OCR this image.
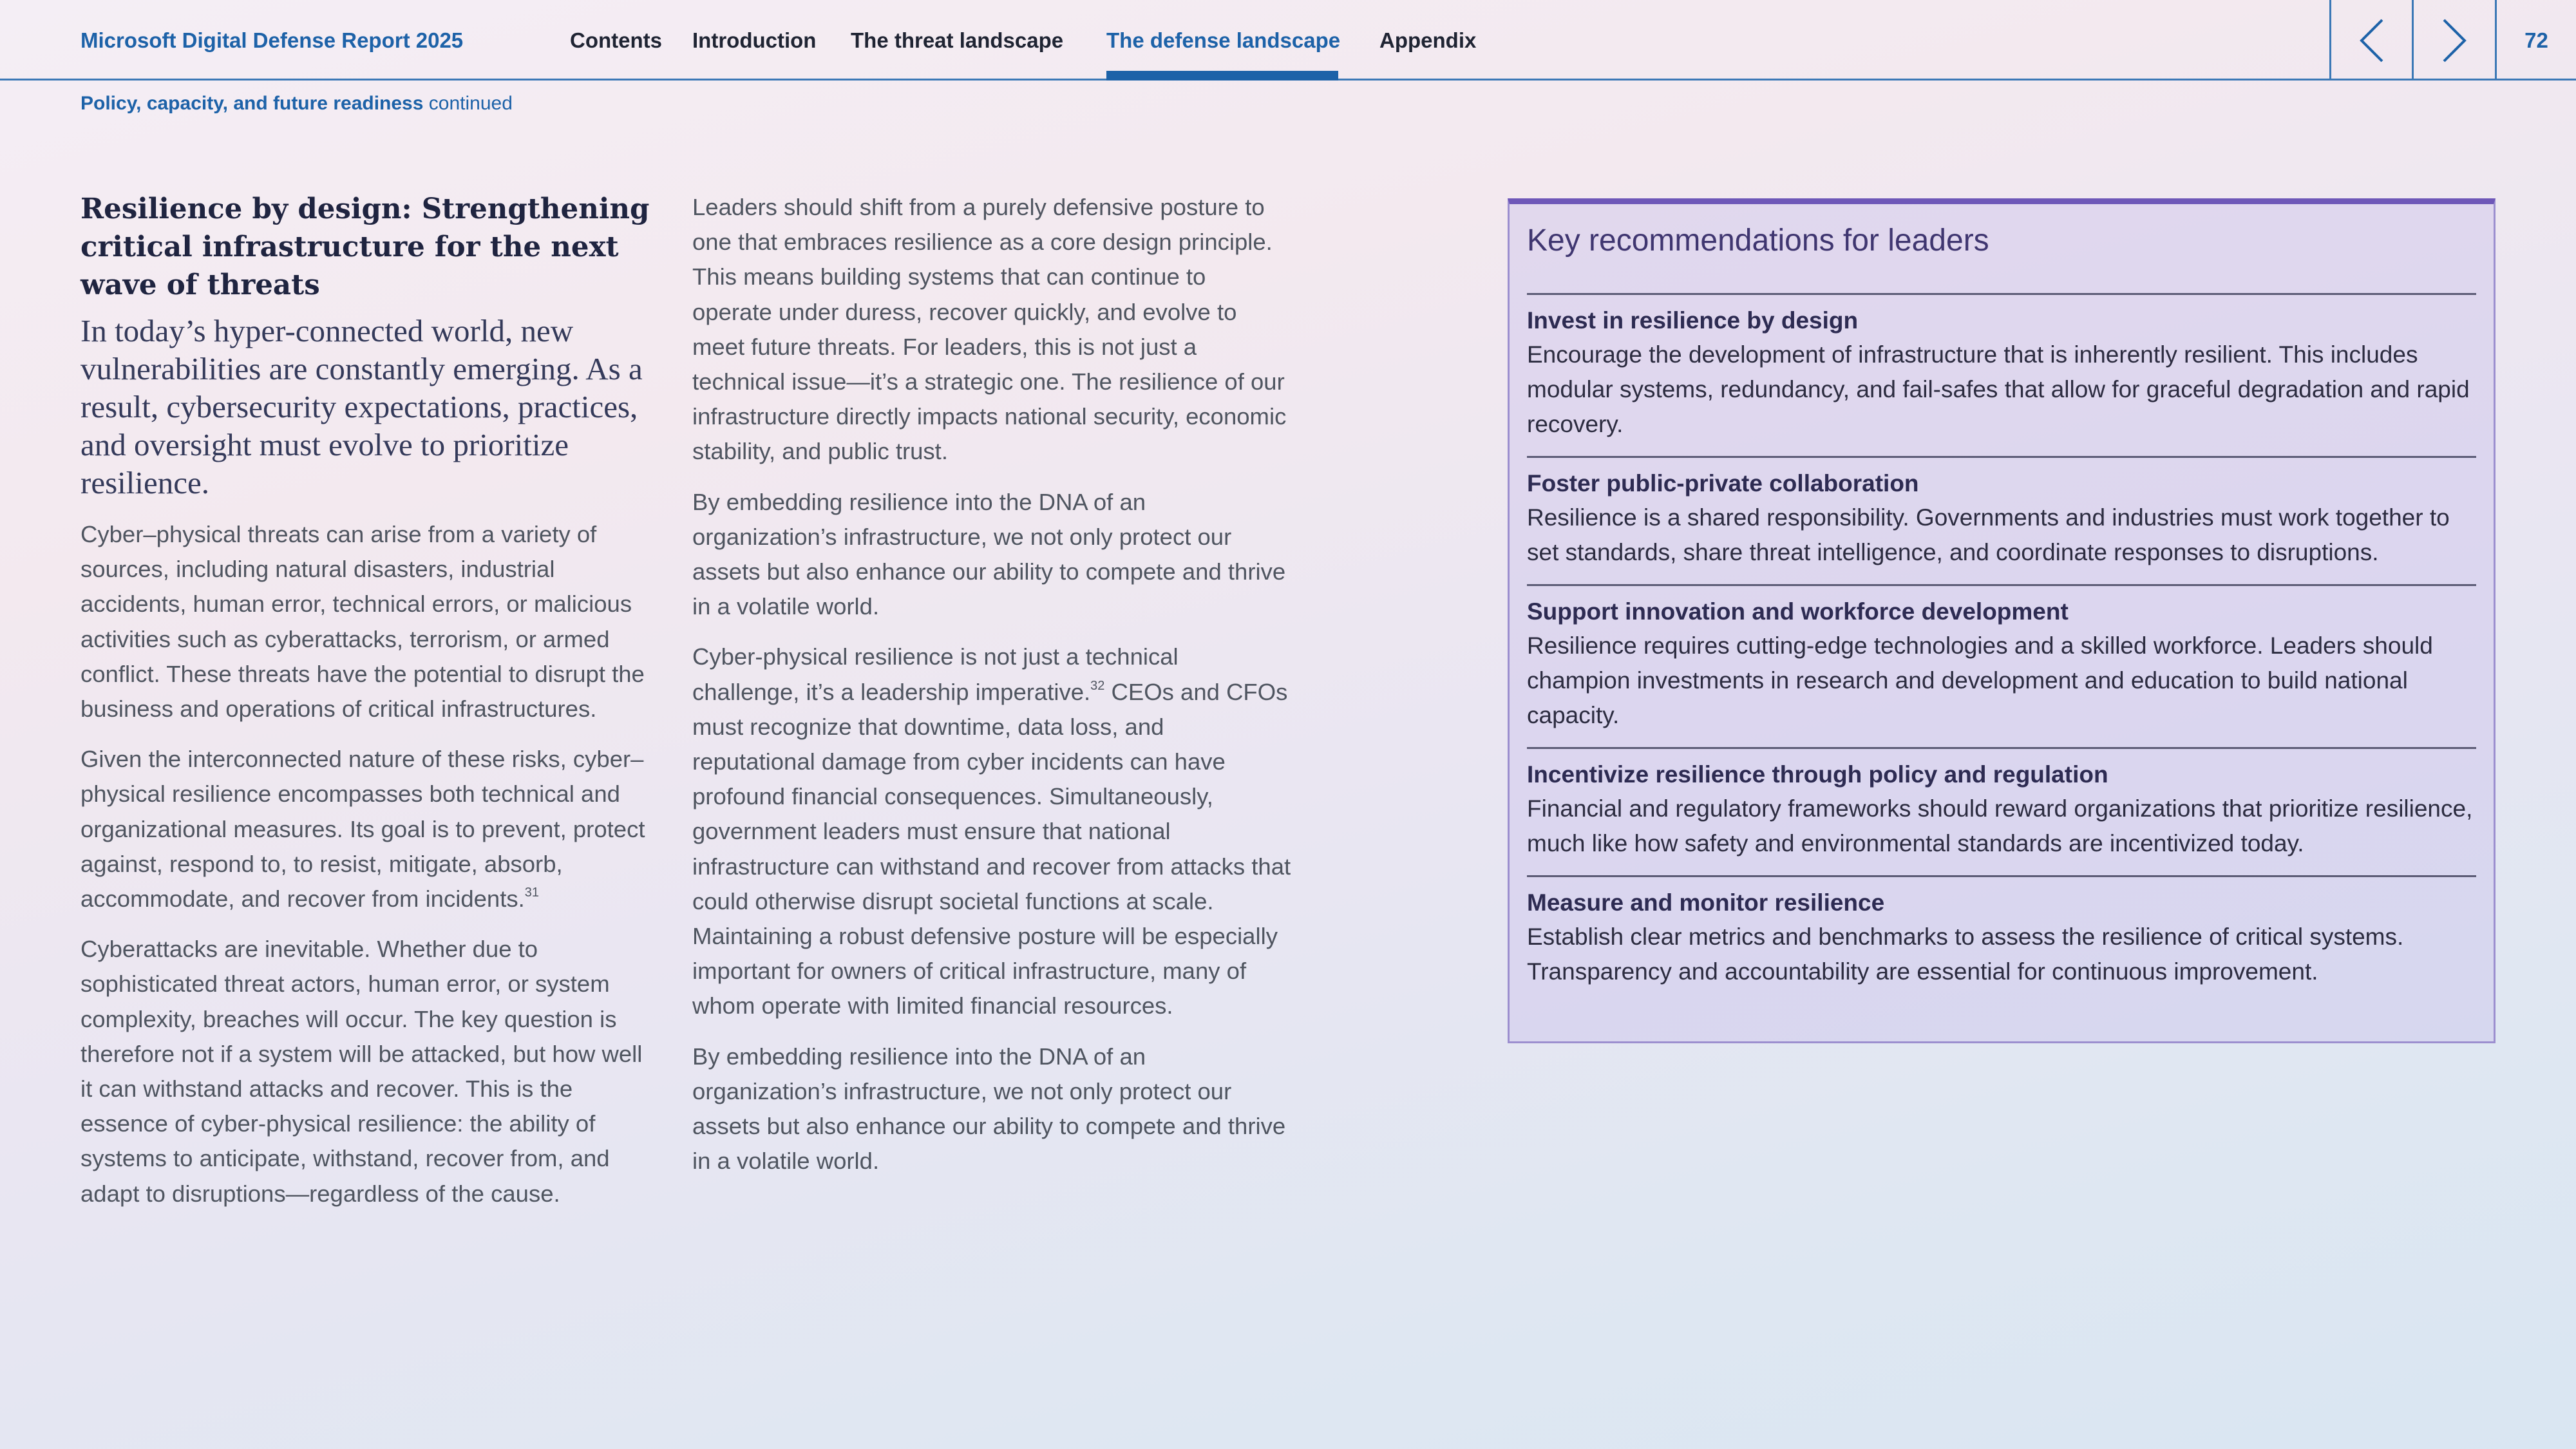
Microsoft Digital Defense Report 2025	Contents Introduction The threat landscape The defense landscape Appendix	72
Policy, capacity, and future readiness continued
Resilience by design: Strengthening critical infrastructure for the next wave of threats

In today’s hyper-connected world, new vulnerabilities are constantly emerging. As a result, cybersecurity expectations, practices, and oversight must evolve to prioritize resilience.

Cyber–physical threats can arise from a variety of sources, including natural disasters, industrial accidents, human error, technical errors, or malicious activities such as cyberattacks, terrorism, or armed conflict. These threats have the potential to disrupt the business and operations of critical infrastructures.

Given the interconnected nature of these risks, cyber–physical resilience encompasses both technical and organizational measures. Its goal is to prevent, protect against, respond to, to resist, mitigate, absorb, accommodate, and recover from incidents.$^{31}$

Cyberattacks are inevitable. Whether due to sophisticated threat actors, human error, or system complexity, breaches will occur. The key question is therefore not if a system will be attacked, but how well it can withstand attacks and recover. This is the essence of cyber-physical resilience: the ability of systems to anticipate, withstand, recover from, and adapt to disruptions—regardless of the cause.

Leaders should shift from a purely defensive posture to one that embraces resilience as a core design principle. This means building systems that can continue to operate under duress, recover quickly, and evolve to meet future threats. For leaders, this is not just a technical issue—it’s a strategic one. The resilience of our infrastructure directly impacts national security, economic stability, and public trust.

By embedding resilience into the DNA of an organization’s infrastructure, we not only protect our assets but also enhance our ability to compete and thrive in a volatile world.

Cyber-physical resilience is not just a technical challenge, it’s a leadership imperative.$^{32}$ CEOs and CFOs must recognize that downtime, data loss, and reputational damage from cyber incidents can have profound financial consequences. Simultaneously, government leaders must ensure that national infrastructure can withstand and recover from attacks that could otherwise disrupt societal functions at scale. Maintaining a robust defensive posture will be especially important for owners of critical infrastructure, many of whom operate with limited financial resources.

By embedding resilience into the DNA of an organization’s infrastructure, we not only protect our assets but also enhance our ability to compete and thrive in a volatile world.

Key recommendations for leaders
Invest in resilience by design
Encourage the development of infrastructure that is inherently resilient. This includes modular systems, redundancy, and fail-safes that allow for graceful degradation and rapid recovery.
Foster public-private collaboration
Resilience is a shared responsibility. Governments and industries must work together to set standards, share threat intelligence, and coordinate responses to disruptions.
Support innovation and workforce development
Resilience requires cutting-edge technologies and a skilled workforce. Leaders should champion investments in research and development and education to build national capacity.
Incentivize resilience through policy and regulation
Financial and regulatory frameworks should reward organizations that prioritize resilience, much like how safety and environmental standards are incentivized today.
Measure and monitor resilience
Establish clear metrics and benchmarks to assess the resilience of critical systems. Transparency and accountability are essential for continuous improvement.
